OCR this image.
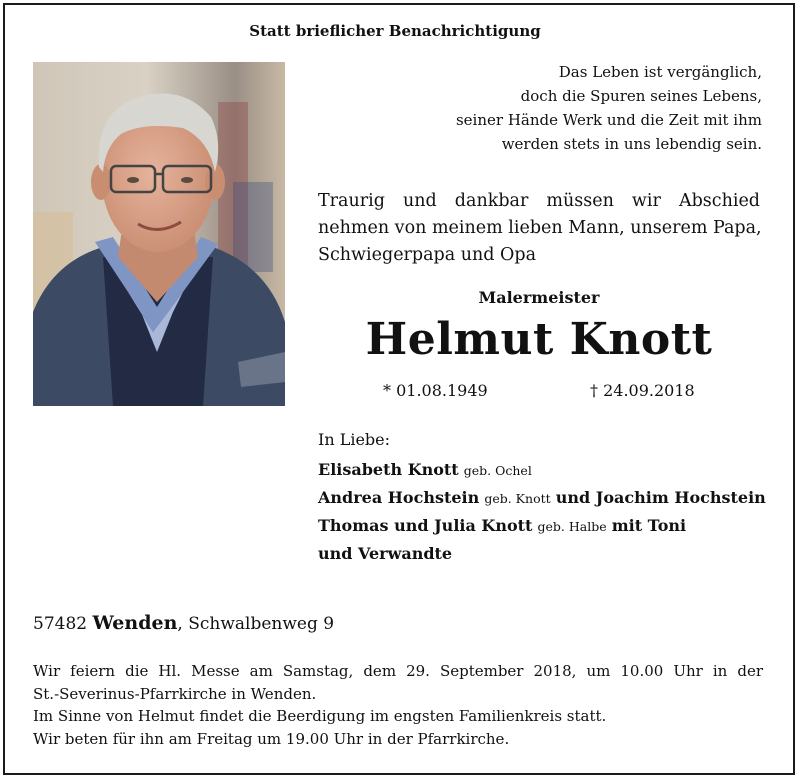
Statt brieflicher Benachrichtigung
Das Leben ist vergänglich,
doch die Spuren seines Lebens,
seiner Hände Werk und die Zeit mit ihm
werden stets in uns lebendig sein.
Traurig und dankbar müssen wir Abschied
nehmen von meinem lieben Mann, unserem Papa,
Schwiegerpapa und Opa
Malermeister
Helmut Knott
* 01.08.1949	† 24.09.2018
In Liebe:
Elisabeth Knott geb. Ochel
Andrea Hochstein geb. Knott und Joachim Hochstein
Thomas und Julia Knott geb. Halbe mit Toni
und Verwandte
57482 Wenden, Schwalbenweg 9
Wir feiern die Hl. Messe am Samstag, dem 29. September 2018, um 10.00 Uhr in der
St.-Severinus-Pfarrkirche in Wenden.
Im Sinne von Helmut findet die Beerdigung im engsten Familienkreis statt.
Wir beten für ihn am Freitag um 19.00 Uhr in der Pfarrkirche.
